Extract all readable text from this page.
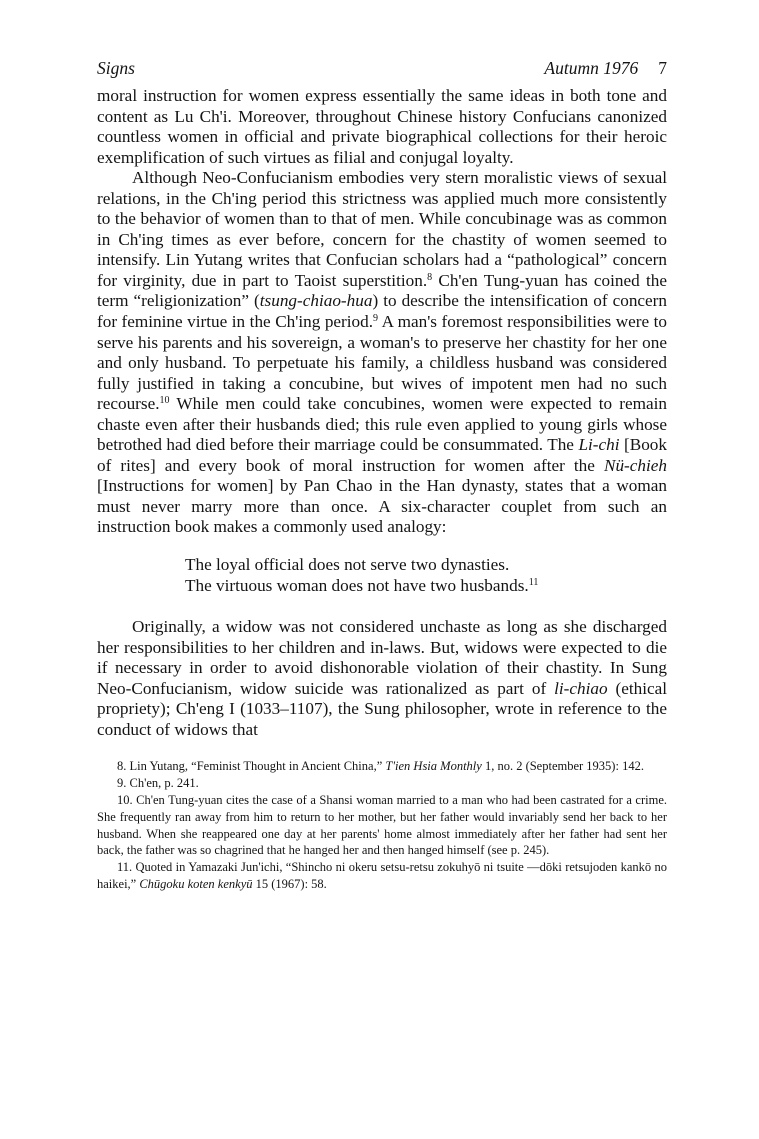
Signs	Autumn 1976 7

moral instruction for women express essentially the same ideas in both tone and content as Lu Ch'i. Moreover, throughout Chinese history Confucians canonized countless women in official and private biographical collections for their heroic exemplification of such virtues as filial and conjugal loyalty.

Although Neo-Confucianism embodies very stern moralistic views of sexual relations, in the Ch'ing period this strictness was applied much more consistently to the behavior of women than to that of men. While concubinage was as common in Ch'ing times as ever before, concern for the chastity of women seemed to intensify. Lin Yutang writes that Confucian scholars had a “pathological” concern for virginity, due in part to Taoist superstition.$^8$ Ch'en Tung-yuan has coined the term “religionization” (tsung-chiao-hua) to describe the intensification of concern for feminine virtue in the Ch'ing period.$^9$ A man's foremost responsibilities were to serve his parents and his sovereign, a woman's to preserve her chastity for her one and only husband. To perpetuate his family, a childless husband was considered fully justified in taking a concubine, but wives of impotent men had no such recourse.$^{10}$ While men could take concubines, women were expected to remain chaste even after their husbands died; this rule even applied to young girls whose betrothed had died before their marriage could be consummated. The Li-chi [Book of rites] and every book of moral instruction for women after the Nü-chieh [Instructions for women] by Pan Chao in the Han dynasty, states that a woman must never marry more than once. A six-character couplet from such an instruction book makes a commonly used analogy:

The loyal official does not serve two dynasties.
The virtuous woman does not have two husbands.$^{11}$

Originally, a widow was not considered unchaste as long as she discharged her responsibilities to her children and in-laws. But, widows were expected to die if necessary in order to avoid dishonorable violation of their chastity. In Sung Neo-Confucianism, widow suicide was rationalized as part of li-chiao (ethical propriety); Ch'eng I (1033–1107), the Sung philosopher, wrote in reference to the conduct of widows that

8. Lin Yutang, “Feminist Thought in Ancient China,” T'ien Hsia Monthly 1, no. 2 (September 1935): 142.

9. Ch'en, p. 241.

10. Ch'en Tung-yuan cites the case of a Shansi woman married to a man who had been castrated for a crime. She frequently ran away from him to return to her mother, but her father would invariably send her back to her husband. When she reappeared one day at her parents' home almost immediately after her father had sent her back, the father was so chagrined that he hanged her and then hanged himself (see p. 245).

11. Quoted in Yamazaki Jun'ichi, “Shincho ni okeru setsu-retsu zokuhyō ni tsuite —dōki retsujoden kankō no haikei,” Chūgoku koten kenkyū 15 (1967): 58.
